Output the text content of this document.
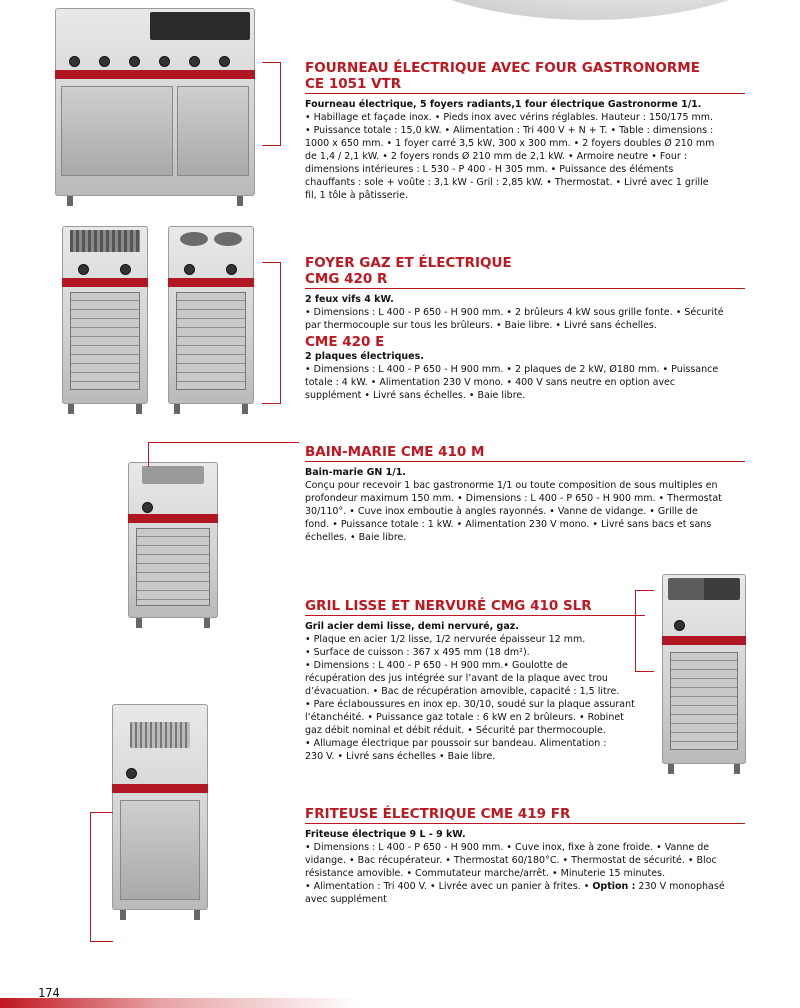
FOURNEAU ÉLECTRIQUE AVEC FOUR GASTRONORME
CE 1051 VTR
Fourneau électrique, 5 foyers radiants,1 four électrique Gastronorme 1/1.

• Habillage et façade inox. • Pieds inox avec vérins réglables. Hauteur : 150/175 mm.

• Puissance totale : 15,0 kW. • Alimentation : Tri 400 V + N + T. • Table : dimensions :

1000 x 650 mm. • 1 foyer carré 3,5 kW, 300 x 300 mm. • 2 foyers doubles Ø 210 mm

de 1,4 / 2,1 kW. • 2 foyers ronds Ø 210 mm de 2,1 kW. • Armoire neutre • Four :

dimensions intérieures : L 530 - P 400 - H 305 mm. • Puissance des éléments

chauffants : sole + voûte : 3,1 kW - Gril : 2,85 kW. • Thermostat. • Livré avec 1 grille

fil, 1 tôle à pâtisserie.

FOYER GAZ ET ÉLECTRIQUE
CMG 420 R
2 feux vifs 4 kW.

• Dimensions : L 400 - P 650 - H 900 mm. • 2 brûleurs 4 kW sous grille fonte. • Sécurité

par thermocouple sur tous les brûleurs. • Baie libre. • Livré sans échelles.

CME 420 E
2 plaques électriques.

• Dimensions : L 400 - P 650 - H 900 mm. • 2 plaques de 2 kW, Ø180 mm. • Puissance

totale : 4 kW. • Alimentation 230 V mono. • 400 V sans neutre en option avec

supplément • Livré sans échelles. • Baie libre.

BAIN-MARIE CME 410 M
Bain-marie GN 1/1.

Conçu pour recevoir 1 bac gastronorme 1/1 ou toute composition de sous multiples en

profondeur maximum 150 mm. • Dimensions : L 400 - P 650 - H 900 mm. • Thermostat

30/110°. • Cuve inox emboutie à angles rayonnés. • Vanne de vidange. • Grille de

fond. • Puissance totale : 1 kW. • Alimentation 230 V mono. • Livré sans bacs et sans

échelles. • Baie libre.

GRIL LISSE ET NERVURÉ CMG 410 SLR
Gril acier demi lisse, demi nervuré, gaz.

• Plaque en acier 1/2 lisse, 1/2 nervurée épaisseur 12 mm.

• Surface de cuisson : 367 x 495 mm (18 dm²).

• Dimensions : L 400 - P 650 - H 900 mm.• Goulotte de

récupération des jus intégrée sur l’avant de la plaque avec trou

d’évacuation. • Bac de récupération amovible, capacité : 1,5 litre.

• Pare éclaboussures en inox ep. 30/10, soudé sur la plaque assurant

l’étanchéité. • Puissance gaz totale : 6 kW en 2 brûleurs. • Robinet

gaz débit nominal et débit réduit. • Sécurité par thermocouple.

• Allumage électrique par poussoir sur bandeau. Alimentation :

230 V. • Livré sans échelles • Baie libre.

FRITEUSE ÉLECTRIQUE CME 419 FR
Friteuse électrique 9 L - 9 kW.

• Dimensions : L 400 - P 650 - H 900 mm. • Cuve inox, fixe à zone froide. • Vanne de

vidange. • Bac récupérateur. • Thermostat 60/180°C. • Thermostat de sécurité. • Bloc

résistance amovible. • Commutateur marche/arrêt. • Minuterie 15 minutes.

• Alimentation : Tri 400 V. • Livrée avec un panier à frites. • Option : 230 V monophasé

avec supplément

174
